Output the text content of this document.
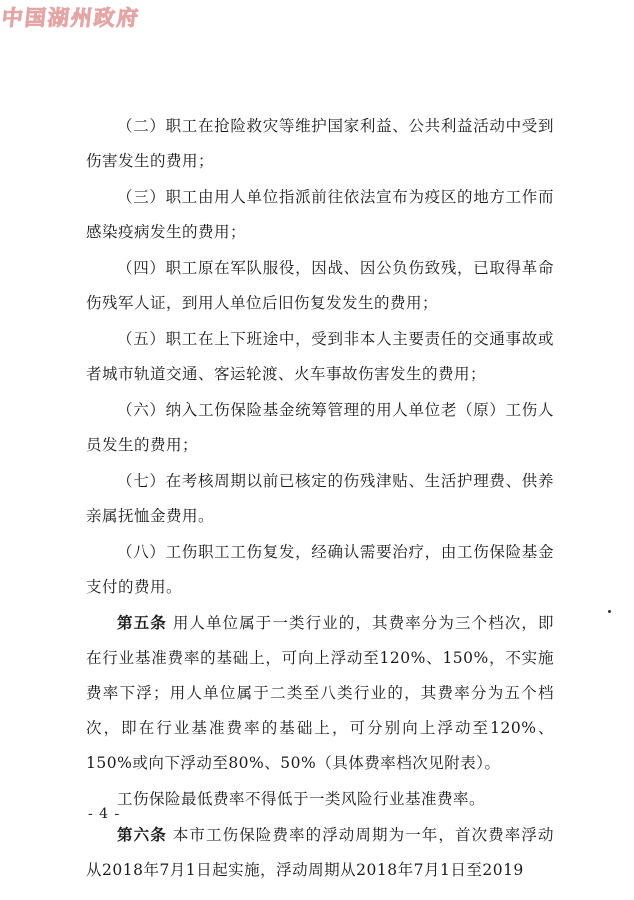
中国湖州政府

（二）职工在抢险救灾等维护国家利益、公共利益活动中受到伤害发生的费用；

（三）职工由用人单位指派前往依法宣布为疫区的地方工作而感染疫病发生的费用；

（四）职工原在军队服役，因战、因公负伤致残，已取得革命伤残军人证，到用人单位后旧伤复发发生的费用；

（五）职工在上下班途中，受到非本人主要责任的交通事故或者城市轨道交通、客运轮渡、火车事故伤害发生的费用；

（六）纳入工伤保险基金统筹管理的用人单位老（原）工伤人员发生的费用；

（七）在考核周期以前已核定的伤残津贴、生活护理费、供养亲属抚恤金费用。

（八）工伤职工工伤复发，经确认需要治疗，由工伤保险基金支付的费用。

第五条 用人单位属于一类行业的，其费率分为三个档次，即在行业基准费率的基础上，可向上浮动至120%、150%，不实施费率下浮；用人单位属于二类至八类行业的，其费率分为五个档次，即在行业基准费率的基础上，可分别向上浮动至120%、150%或向下浮动至80%、50%（具体费率档次见附表）。

工伤保险最低费率不得低于一类风险行业基准费率。

第六条 本市工伤保险费率的浮动周期为一年，首次费率浮动从2018年7月1日起实施，浮动周期从2018年7月1日至2019

- 4 -
